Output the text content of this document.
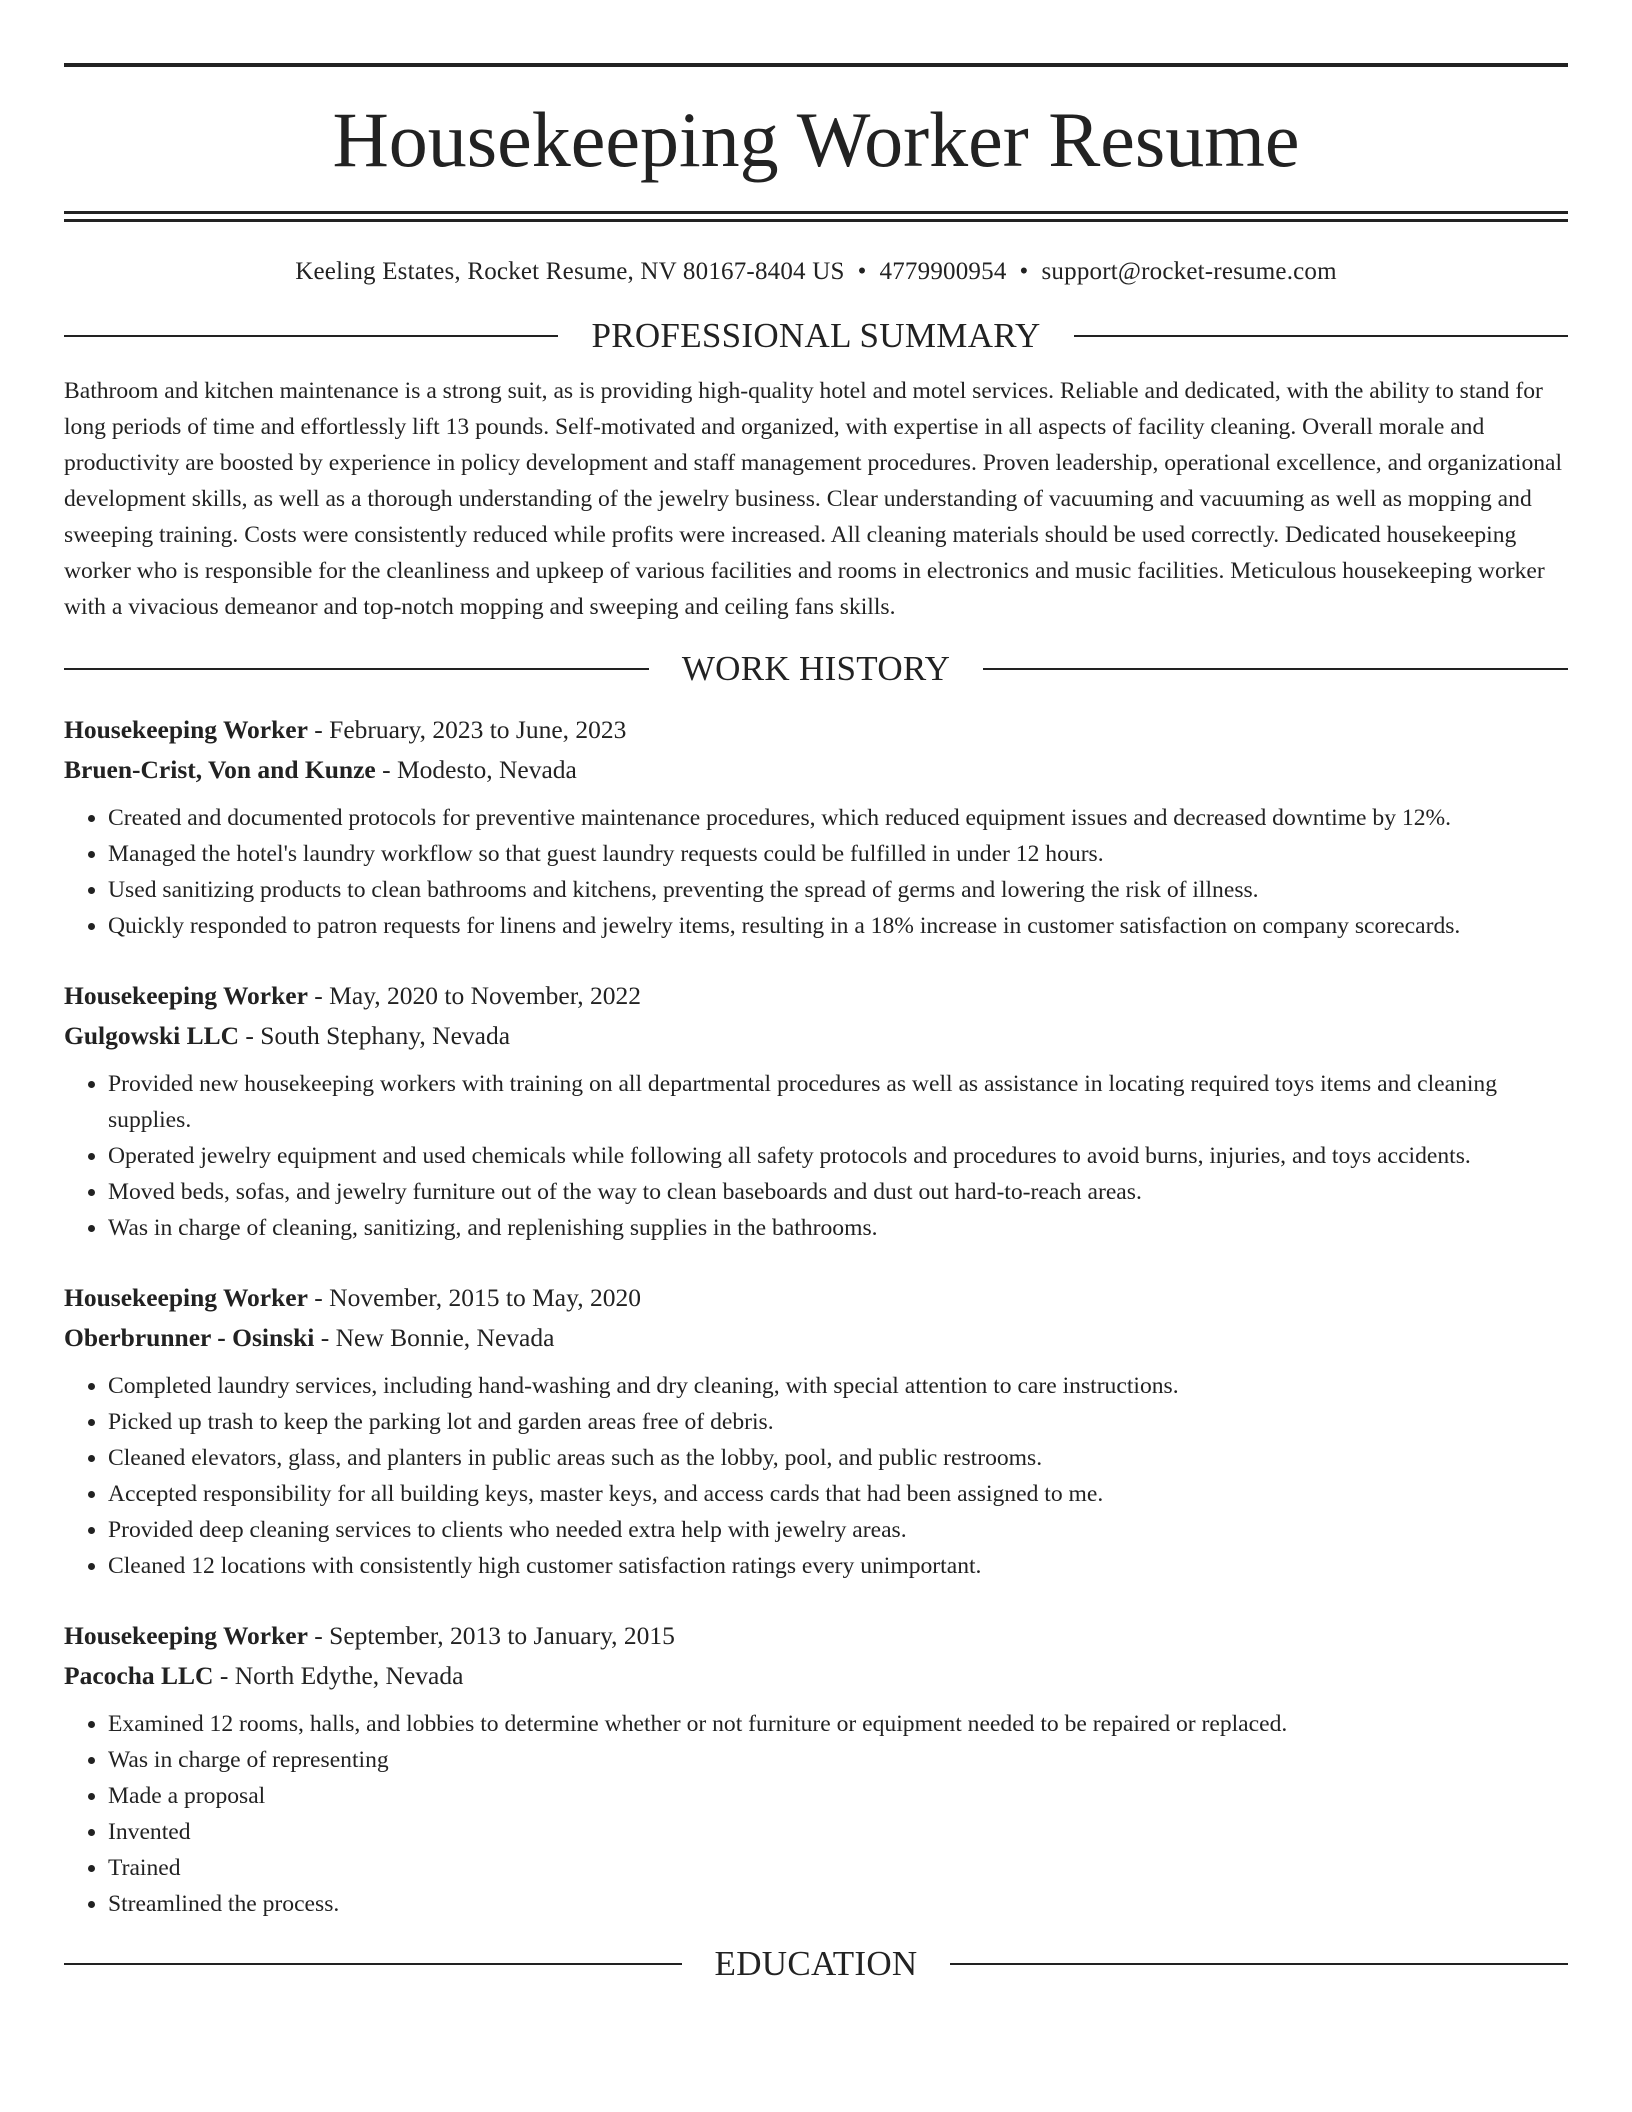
Housekeeping Worker Resume
Keeling Estates, Rocket Resume, NV 80167-8404 US • 4779900954 • support@rocket-resume.com
PROFESSIONAL SUMMARY
Bathroom and kitchen maintenance is a strong suit, as is providing high-quality hotel and motel services. Reliable and dedicated, with the ability to stand for long periods of time and effortlessly lift 13 pounds. Self-motivated and organized, with expertise in all aspects of facility cleaning. Overall morale and productivity are boosted by experience in policy development and staff management procedures. Proven leadership, operational excellence, and organizational development skills, as well as a thorough understanding of the jewelry business. Clear understanding of vacuuming and vacuuming as well as mopping and sweeping training. Costs were consistently reduced while profits were increased. All cleaning materials should be used correctly. Dedicated housekeeping worker who is responsible for the cleanliness and upkeep of various facilities and rooms in electronics and music facilities. Meticulous housekeeping worker with a vivacious demeanor and top-notch mopping and sweeping and ceiling fans skills.
WORK HISTORY
Housekeeping Worker - February, 2023 to June, 2023
Bruen-Crist, Von and Kunze - Modesto, Nevada
• Created and documented protocols for preventive maintenance procedures, which reduced equipment issues and decreased downtime by 12%.
• Managed the hotel's laundry workflow so that guest laundry requests could be fulfilled in under 12 hours.
• Used sanitizing products to clean bathrooms and kitchens, preventing the spread of germs and lowering the risk of illness.
• Quickly responded to patron requests for linens and jewelry items, resulting in a 18% increase in customer satisfaction on company scorecards.
Housekeeping Worker - May, 2020 to November, 2022
Gulgowski LLC - South Stephany, Nevada
• Provided new housekeeping workers with training on all departmental procedures as well as assistance in locating required toys items and cleaning supplies.
• Operated jewelry equipment and used chemicals while following all safety protocols and procedures to avoid burns, injuries, and toys accidents.
• Moved beds, sofas, and jewelry furniture out of the way to clean baseboards and dust out hard-to-reach areas.
• Was in charge of cleaning, sanitizing, and replenishing supplies in the bathrooms.
Housekeeping Worker - November, 2015 to May, 2020
Oberbrunner - Osinski - New Bonnie, Nevada
• Completed laundry services, including hand-washing and dry cleaning, with special attention to care instructions.
• Picked up trash to keep the parking lot and garden areas free of debris.
• Cleaned elevators, glass, and planters in public areas such as the lobby, pool, and public restrooms.
• Accepted responsibility for all building keys, master keys, and access cards that had been assigned to me.
• Provided deep cleaning services to clients who needed extra help with jewelry areas.
• Cleaned 12 locations with consistently high customer satisfaction ratings every unimportant.
Housekeeping Worker - September, 2013 to January, 2015
Pacocha LLC - North Edythe, Nevada
• Examined 12 rooms, halls, and lobbies to determine whether or not furniture or equipment needed to be repaired or replaced.
• Was in charge of representing
• Made a proposal
• Invented
• Trained
• Streamlined the process.
EDUCATION
